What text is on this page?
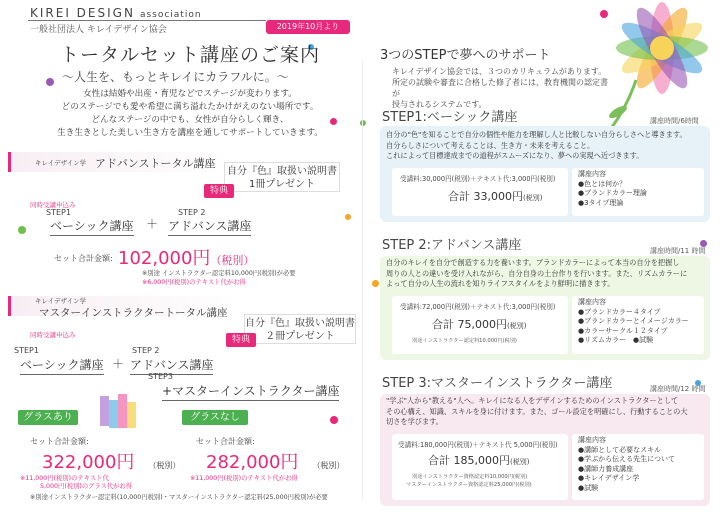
KIREI DESIGN association
一般社団法人 キレイデザイン協会	2019年10月より
トータルセット講座のご案内
〜人生を、もっとキレイにカラフルに。〜
女性は結婚や出産・育児などでステージが変わります。
どのステージでも愛や希望に満ち溢れたかけがえのない場所です。
どんなステージの中でも、女性が自分らしく輝き、
生き生きとした美しい生き方を講座を通してサポートしていきます。
キレイデザイン学 アドバンストータル講座
自分『色』取扱い説明書
1冊プレゼント
特典
同時受講申込み
STEP1	STEP 2
ベーシック講座 ＋ アドバンス講座
セット合計金額: 102,000円（税別）
※別途 インストラクター認定料10,000円(税別)が必要
※6,000円(税別)のテキスト代がお得
キレイデザイン学
マスターインストラクタートータル講座
自分『色』取扱い説明書
２冊プレゼント
特典
同時受講申込み
STEP1	STEP 2
ベーシック講座 ＋ アドバンス講座
STEP3
+マスターインストラクター講座
グラスあり	グラスなし
セット合計金額:	セット合計金額:
322,000円 （税別） 282,000円 （税別）
※11,000円(税別)のテキスト代
5,000円(税別)のグラス代がお得
※11,000円(税別)のテキスト代がお得
※別途インストラクター認定料(10,000円税別)・マスターインストラクター認定料(25,000円税別)が必要
3つのSTEPで夢へのサポート
キレイデザイン協会では、３つのカリキュラムがあります。
所定の試験や審査に合格した修了者には、教育機関の認定書が
授与されるシステムです。
STEP1:ベーシック講座	講座時間/6時間
自分の"色"を知ることで自分の個性や能力を理解し人と比較しない自分らしさへと導きます。
自分らしさについて考えることは、生き方・未来を考えること。
これによって目標達成までの道程がスムーズになり、夢への実現へ近づきます。
受講料:30,000円(税別)＋テキスト代:3,000円(税別)
合計 33,000円(税別)
講座内容
●色とは何か？
●ブランドカラー理論
●3タイプ理論
STEP 2:アドバンス講座	講座時間/11 時間
自分のキレイを自分で創造する力を養います。ブランドカラーによって本当の自分を把握し
周りの人との違いを受け入れながら、自分自身の土台作りを行います。また、リズムカラーに
よって自分の人生の流れを知りライフスタイルをより鮮明に描きます。
受講料:72,000円(税別)＋テキスト代:3,000円(税別)
合計 75,000円(税別)
別途インストラクター認定料10,000円(税別)
講座内容
●ブランドカラー４タイプ
●ブランドカラーとイメージカラー
●カラーサークル１２タイプ
●リズムカラー　●試験
STEP 3:マスターインストラクター講座	講座時間/12 時間
"学ぶ"人から"教える"人へ。キレイになる人をデザインするためのインストラクターとして
その心構え、知識、スキルを身に付けます。また、ゴール設定を明確にし、行動することの大
切さを学びます。
受講料:180,000円(税別)＋テキスト代 5,000円(税別)
合計 185,000円(税別)
別途インストラクター資格認定料10,000円(税別)
マスターインストラクター資格認定料25,000円(税別)
講座内容
●講師として必要なスキル
●学ぶから伝える先生について
●講師力養成講座
●キレイデザイン学
●試験
